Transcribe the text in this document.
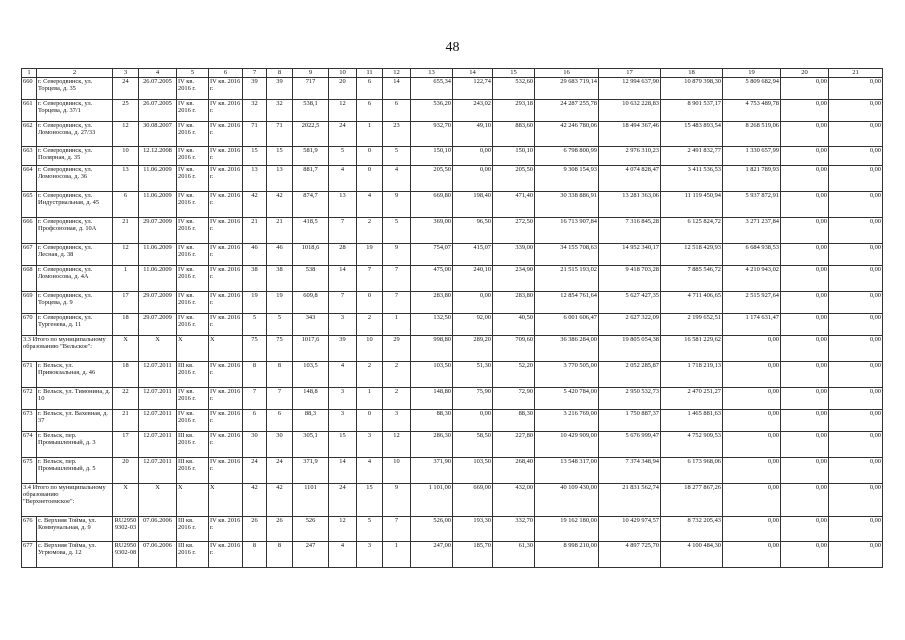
48
1	2	3	4	5	6	7	8	9	10	11	12	13	14	15	16	17	18	19	20	21
660	г. Северодвинск, ул. Торцева, д. 35	24	26.07.2005	IV кв. 2016 г.	IV кв. 2016 г.	39	39	717	20	6	14	655,34	122,74	532,60	29 683 719,14	12 994 637,90	10 879 398,30	5 809 682,94	0,00	0,00
661	г. Северодвинск, ул. Торцева, д. 37/1	25	26.07.2005	IV кв. 2016 г.	IV кв. 2016 г.	32	32	538,1	12	6	6	536,20	243,02	293,18	24 287 255,78	10 632 228,83	8 901 537,17	4 753 489,78	0,00	0,00
662	г. Северодвинск, ул. Ломоносова, д. 27/33	12	30.08.2007	IV кв. 2016 г.	IV кв. 2016 г.	71	71	2022,5	24	1	23	932,70	49,10	883,60	42 246 780,06	18 494 367,46	15 483 893,54	8 268 519,06	0,00	0,00
663	г. Северодвинск, ул. Полярная, д. 35	10	12.12.2008	IV кв. 2016 г.	IV кв. 2016 г.	15	15	581,9	5	0	5	150,10	0,00	150,10	6 798 800,99	2 976 310,23	2 491 832,77	1 330 657,99	0,00	0,00
664	г. Северодвинск, ул. Ломоносова, д. 36	13	11.06.2009	IV кв. 2016 г.	IV кв. 2016 г.	13	13	881,7	4	0	4	205,50	0,00	205,50	9 308 154,93	4 074 828,47	3 411 536,53	1 821 789,93	0,00	0,00
665	г. Северодвинск, ул. Индустриальная, д. 45	6	11.06.2009	IV кв. 2016 г.	IV кв. 2016 г.	42	42	874,7	13	4	9	669,80	198,40	471,40	30 338 886,91	13 281 363,06	11 119 450,94	5 937 872,91	0,00	0,00
666	г. Северодвинск, ул. Профсоюзная, д. 10А	21	29.07.2009	IV кв. 2016 г.	IV кв. 2016 г.	21	21	418,5	7	2	5	369,00	96,50	272,50	16 713 907,84	7 316 845,28	6 125 824,72	3 271 237,84	0,00	0,00
667	г. Северодвинск, ул. Лесная, д. 38	12	11.06.2009	IV кв. 2016 г.	IV кв. 2016 г.	46	46	1018,6	28	19	9	754,07	415,07	339,00	34 155 708,63	14 952 340,17	12 518 429,93	6 684 938,53	0,00	0,00
668	г. Северодвинск, ул. Ломоносова, д. 4А	1	11.06.2009	IV кв. 2016 г.	IV кв. 2016 г.	38	38	538	14	7	7	475,00	240,10	234,90	21 515 193,02	9 418 703,28	7 885 546,72	4 210 943,02	0,00	0,00
669	г. Северодвинск, ул. Торцева, д. 9	17	29.07.2009	IV кв. 2016 г.	IV кв. 2016 г.	19	19	609,8	7	0	7	283,80	0,00	283,80	12 854 761,64	5 627 427,35	4 711 406,65	2 515 927,64	0,00	0,00
670	г. Северодвинск, ул. Тургенева, д. 11	18	29.07.2009	IV кв. 2016 г.	IV кв. 2016 г.	5	5	343	3	2	1	132,50	92,00	40,50	6 001 606,47	2 627 322,09	2 199 652,51	1 174 631,47	0,00	0,00
3.3 Итого по муниципальному образованию "Вельское":		X	X	X	X	75	75	1017,6	39	10	29	998,80	289,20	709,60	36 386 284,00	19 805 054,38	16 581 229,62	0,00	0,00	0,00
671	г. Вельск, ул. Привокзальная, д. 46	18	12.07.2011	III кв. 2016 г.	IV кв. 2016 г.	8	8	103,5	4	2	2	103,50	51,30	52,20	3 770 505,00	2 052 285,87	1 718 219,13	0,00	0,00	0,00
672	г. Вельск, ул. Тимонина, д. 10	22	12.07.2011	IV кв. 2016 г.	IV кв. 2016 г.	7	7	148,8	3	1	2	148,80	75,90	72,90	5 420 784,00	2 950 532,73	2 470 251,27	0,00	0,00	0,00
673	г. Вельск, ул. Вахевная, д. 37	21	12.07.2011	IV кв. 2016 г.	IV кв. 2016 г.	6	6	88,3	3	0	3	88,30	0,00	88,30	3 216 769,00	1 750 887,37	1 465 881,63	0,00	0,00	0,00
674	г. Вельск, пер. Промышленный, д. 3	17	12.07.2011	III кв. 2016 г.	IV кв. 2016 г.	30	30	305,1	15	3	12	286,30	58,50	227,80	10 429 909,00	5 676 999,47	4 752 909,53	0,00	0,00	0,00
675	г. Вельск, пер. Промышленный, д. 5	20	12.07.2011	III кв. 2016 г.	IV кв. 2016 г.	24	24	371,9	14	4	10	371,90	103,50	268,40	13 548 317,00	7 374 348,94	6 173 968,06	0,00	0,00	0,00
3.4 Итого по муниципальному образованию "Верхнетоемское":		X	X	X	X	42	42	1101	24	15	9	1 101,00	669,00	432,00	40 109 430,00	21 831 562,74	18 277 867,26	0,00	0,00	0,00
676	с. Верхняя Тойма, ул. Коммунальная, д. 9	RU2950 9302-03	07.06.2006	III кв. 2016 г.	IV кв. 2016 г.	26	26	526	12	5	7	526,00	193,30	332,70	19 162 180,00	10 429 974,57	8 732 205,43	0,00	0,00	0,00
677	с. Верхняя Тойма, ул. Угрюмова, д. 12	RU2950 9302-08	07.06.2006	III кв. 2016 г.	IV кв. 2016 г.	8	8	247	4	3	1	247,00	185,70	61,30	8 998 210,00	4 897 725,70	4 100 484,30	0,00	0,00	0,00
